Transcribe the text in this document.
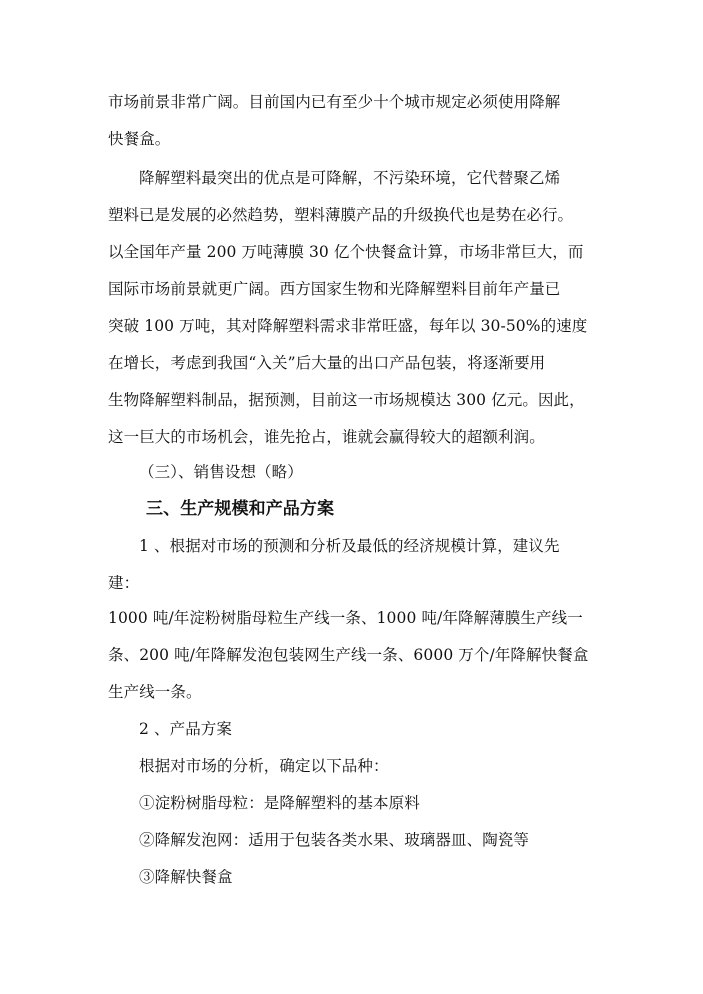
市场前景非常广阔。目前国内已有至少十个城市规定必须使用降解
快餐盒。
降解塑料最突出的优点是可降解，不污染环境，它代替聚乙烯
塑料已是发展的必然趋势，塑料薄膜产品的升级换代也是势在必行。
以全国年产量 200 万吨薄膜 30 亿个快餐盒计算，市场非常巨大，而
国际市场前景就更广阔。西方国家生物和光降解塑料目前年产量已
突破 100 万吨，其对降解塑料需求非常旺盛，每年以 30-50%的速度
在增长，考虑到我国“入关”后大量的出口产品包装，将逐渐要用
生物降解塑料制品，据预测，目前这一市场规模达 300 亿元。因此，
这一巨大的市场机会，谁先抢占，谁就会赢得较大的超额利润。
（三）、销售设想（略）
三、生产规模和产品方案
1 、根据对市场的预测和分析及最低的经济规模计算，建议先
建：
1000 吨/年淀粉树脂母粒生产线一条、1000 吨/年降解薄膜生产线一
条、200 吨/年降解发泡包装网生产线一条、6000 万个/年降解快餐盒
生产线一条。
2 、产品方案
根据对市场的分析，确定以下品种：
①淀粉树脂母粒：是降解塑料的基本原料
②降解发泡网：适用于包装各类水果、玻璃器皿、陶瓷等
③降解快餐盒
